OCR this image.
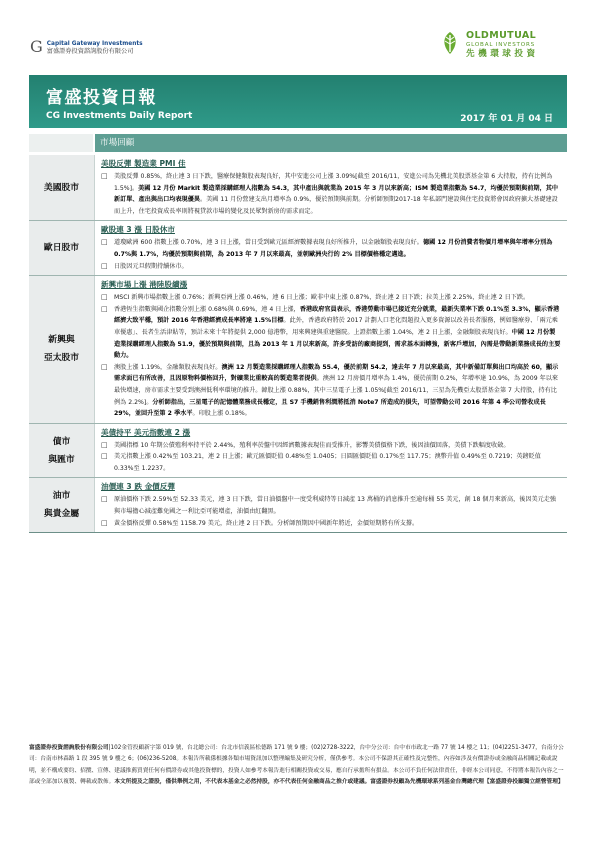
G Capital Gateway Investments
富盛證券投資諮詢股份有限公司
OLDMUTUAL
GLOBAL INVESTORS
先機環球投資
富盛投資日報
CG Investments Daily Report	2017 年 01 月 04 日
市場回顧
美國股市
美股反彈 製造業 PMI 佳
□	美股反彈 0.85%，終止連 3 日下跌，醫療保健類股表現良好，其中安進公司上漲 3.09%[截至 2016/11，安進公司為先機北美股票基金第 6 大持股，持有比例為 1.5%]。美國 12 月份 Markit 製造業採購經理人指數為 54.3，其中產出與就業為 2015 年 3 月以來新高；ISM 製造業指數為 54.7，均優於預期與前期，其中新訂單、產出與出口均表現優異。美國 11 月份營建支出月增率為 0.9%，優於預期與前期。分析師預期2017-18 年私部門建設與住宅投資將會因政府擴大基礎建設而上升，住宅投資成長率則將視貸款市場的變化及民眾對新房的需求而定。
歐日股市
歐股連 3 漲 日股休市
□	道瓊歐洲 600 指數上漲 0.70%，連 3 日上漲，當日受到歐元區經濟數據表現良好所推升，以金融類股表現良好。德國 12 月份消費者物價月增率與年增率分別為 0.7%與 1.7%，均優於預期與前期，為 2013 年 7 月以來最高，並朝歐洲央行的 2% 目標價格穩定邁進。
□	日股因元旦假期持續休市。
新興與
亞太股市
新興市場上漲 港陸股續漲
□	MSCI 新興市場指數上漲 0.76%；新興亞洲上漲 0.46%，連 6 日上漲；歐非中東上漲 0.87%，終止連 2 日下跌；拉美上漲 2.25%，終止連 2 日下跌。
□	香港恆生指數與國企指數分別上漲 0.68%與 0.69%，連 4 日上漲，香港政府官員表示，香港勞動市場已接近充分就業，最新失業率下跌 0.1%至 3.3%，顯示香港經濟大致平穩，預計 2016 年香港經濟成長率將達 1.5%目標。此外，香港政府將於 2017 計劃人口老化問題投入更多資源以改善長者服務，例如醫療券、「兩元乘車優惠」、長者生活津貼等，預計未來十年將提供 2,000 億港幣，用來興建與重建醫院。上證指數上漲 1.04%，連 2 日上漲，金融類股表現良好。中國 12 月份製造業採購經理人指數為 51.9，優於預期與前期，且為 2013 年 1 月以來新高，許多受訪的廠商提到，需求基本面轉強，新客戶增加，內需是帶動新業務成長的主要動力。
□	澳股上漲 1.19%，金融類股表現良好。澳洲 12 月製造業採購經理人指數為 55.4，優於前期 54.2，達去年 7 月以來最高，其中新備訂單與出口均高於 60，顯示需求面已有所改善，且因原物料價格回升，對礦業比重較高的製造業者提供。澳洲 12 月房價月增率為 1.4%，優於前期 0.2%，年增率達 10.9%，為 2009 年以來最快增速，房市需求主要受到澳洲低利率環境的推升。韓股上漲 0.88%，其中三星電子上漲 1.05%[截至 2016/11，三星為先機亞太股票基金第 7 大持股，持有比例為 2.2%]。分析師指出，三星電子的記憶體業務成長穩定，且 S7 手機銷售利潤將抵消 Note7 所造成的損失，可望帶動公司 2016 年第 4 季公司營收成長 29%，並回升至第 2 季水平。印股上漲 0.18%。
債市
與匯市
美債持平 美元指數連 2 漲
□	美國指標 10 年期公債殖利率持平於 2.44%，殖利率於盤中因經濟數據表現佳而受推升，影響美債價格下跌，後因油價回落，美債下跌幅度收斂。
□	美元指數上漲 0.42%至 103.21，連 2 日上漲；歐元匯價貶值 0.48%至 1.0405；日圓匯價貶值 0.17%至 117.75；澳幣升值 0.49%至 0.7219；英鎊貶值 0.33%至 1.2237。
油市
與貴金屬
油價連 3 跌 金價反彈
□	原油價格下跌 2.59%至 52.33 美元，連 3 日下跌，當日油價盤中一度受利威特等日減產 13 萬桶的消息推升至逾每桶 55 美元，創 18 個月來新高，後因美元走強與市場擔心減產難免國之一利比亞可能增產，油價由紅翻黑。
□	黃金價格反彈 0.58%至 1158.79 美元，終止連 2 日下跌。分析師預期因中國新年將近，金價短期將有所支撐。
富盛證券投資諮詢股份有限公司|102金管投顧新字第 019 號，台北總公司：台北市信義區松德路 171 號 9 樓；(02)2728-3222，台中分公司：台中市市政北一路 77 號 14 樓之 11；(04)2251-3477，台南分公司：台南市林森路 1 段 395 號 9 樓之 6；(06)236-5208。本報告所載係根據各類市場資訊加以整理編集及研究分析，僅供參考。本公司不保證其正確性及完整性，內容如涉及有價證券或金融商品相關記載或說明，並不構成要約、招攬、宣傳、建議推薦買賣任何有價證券或其他投資標的，投資人如參考本報告進行相關投資或交易，應自行承擔所有損益。本公司不負任何法律責任，非經本公司同意，不得將本報告內容之一部或全部加以複製、轉載或散佈。本文所提及之證股，僅供舉例之用，不代表本基金之必然持股，亦不代表任何金融商品之推介或建議。富盛證券投顧為先機環球系列基金台灣總代理【富盛證券投顧獨立經營管理】
